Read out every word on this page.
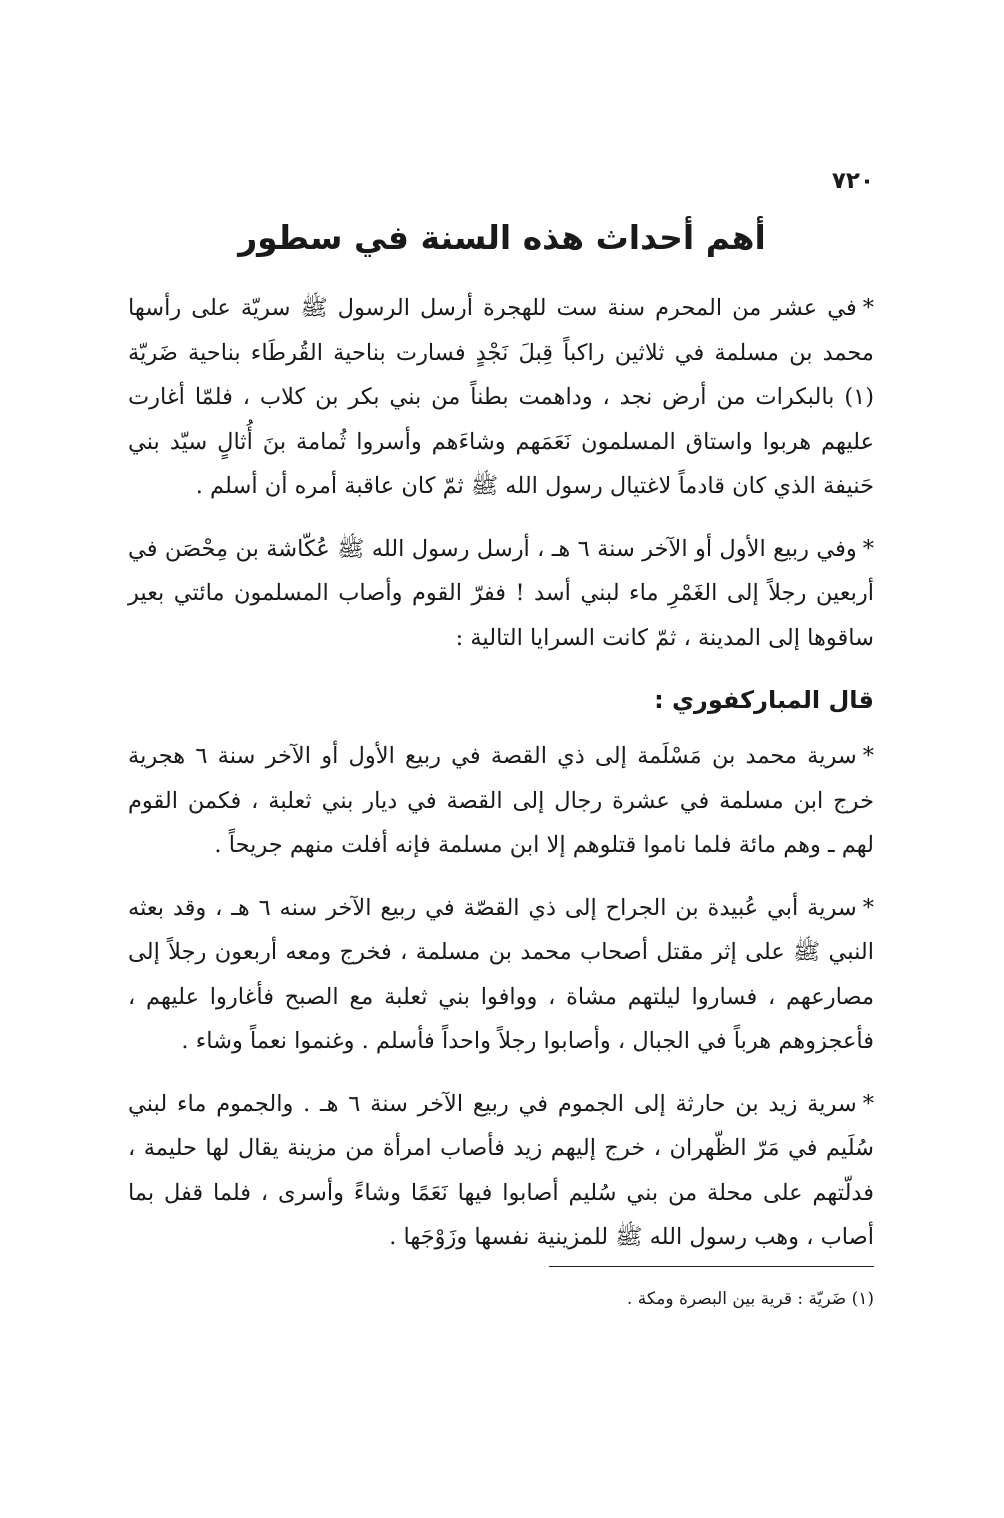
٧٢٠
أهم أحداث هذه السنة في سطور

*في عشر من المحرم سنة ست للهجرة أرسل الرسول ﷺ سريّة على رأسها محمد بن مسلمة في ثلاثين راكباً قِبلَ نَجْدٍ فسارت بناحية القُرطَاء بناحية ضَريّة (١) بالبكرات من أرض نجد ، وداهمت بطناً من بني بكر بن كلاب ، فلمّا أغارت عليهم هربوا واستاق المسلمون نَعَمَهم وشاءَهم وأسروا ثُمامة بنَ أُثالٍ سيّد بني حَنيفة الذي كان قادماً لاغتيال رسول الله ﷺ ثمّ كان عاقبة أمره أن أسلم .

*وفي ربيع الأول أو الآخر سنة ٦ هـ ، أرسل رسول الله ﷺ عُكّاشة بن مِحْصَن في أربعين رجلاً إلى الغَمْرِ ماء لبني أسد ! ففرّ القوم وأصاب المسلمون مائتي بعير ساقوها إلى المدينة ، ثمّ كانت السرايا التالية :

قال المباركفوري :

*سرية محمد بن مَسْلَمة إلى ذي القصة في ربيع الأول أو الآخر سنة ٦ هجرية خرج ابن مسلمة في عشرة رجال إلى القصة في ديار بني ثعلبة ، فكمن القوم لهم ـ وهم مائة فلما ناموا قتلوهم إلا ابن مسلمة فإنه أفلت منهم جريحاً .

*سرية أبي عُبيدة بن الجراح إلى ذي القصّة في ربيع الآخر سنه ٦ هـ ، وقد بعثه النبي ﷺ على إثر مقتل أصحاب محمد بن مسلمة ، فخرج ومعه أربعون رجلاً إلى مصارعهم ، فساروا ليلتهم مشاة ، ووافوا بني ثعلبة مع الصبح فأغاروا عليهم ، فأعجزوهم هرباً في الجبال ، وأصابوا رجلاً واحداً فأسلم . وغنموا نعماً وشاء .

*سرية زيد بن حارثة إلى الجموم في ربيع الآخر سنة ٦ هـ . والجموم ماء لبني سُلَيم في مَرّ الظّهران ، خرج إليهم زيد فأصاب امرأة من مزينة يقال لها حليمة ، فدلّتهم على محلة من بني سُليم أصابوا فيها نَعَمًا وشاءً وأسرى ، فلما قفل بما أصاب ، وهب رسول الله ﷺ للمزينية نفسها وزَوْجَها .

(١) ضَريّة : قرية بين البصرة ومكة .
